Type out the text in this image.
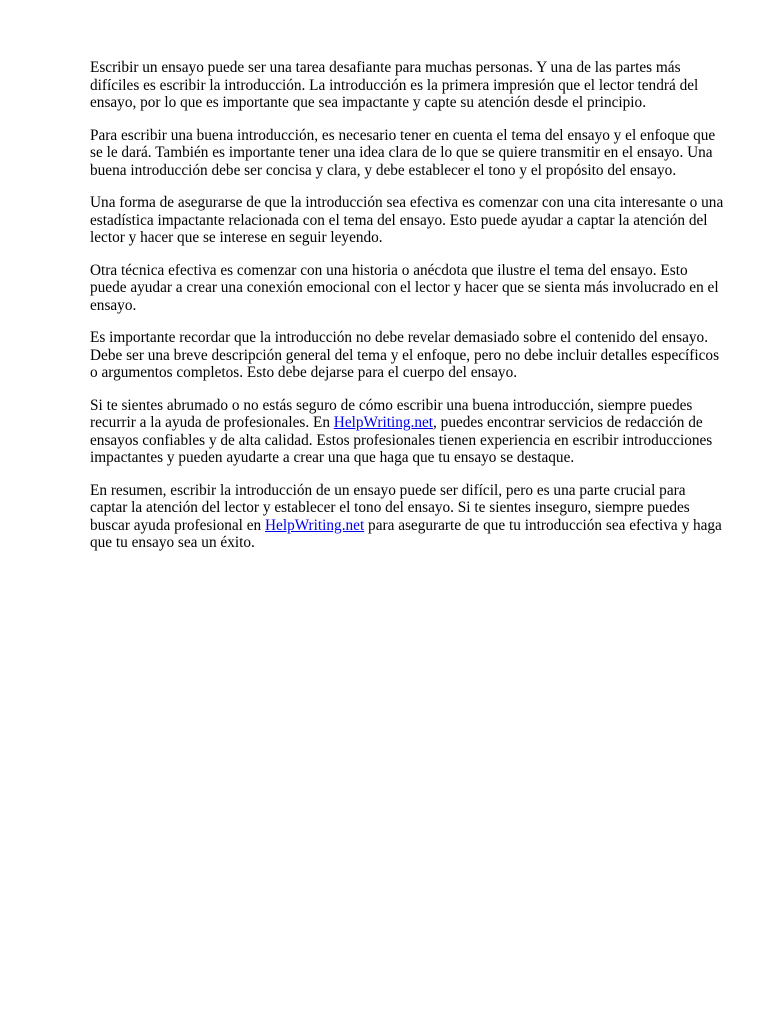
Escribir un ensayo puede ser una tarea desafiante para muchas personas. Y una de las partes más difíciles es escribir la introducción. La introducción es la primera impresión que el lector tendrá del ensayo, por lo que es importante que sea impactante y capte su atención desde el principio.

Para escribir una buena introducción, es necesario tener en cuenta el tema del ensayo y el enfoque que se le dará. También es importante tener una idea clara de lo que se quiere transmitir en el ensayo. Una buena introducción debe ser concisa y clara, y debe establecer el tono y el propósito del ensayo.

Una forma de asegurarse de que la introducción sea efectiva es comenzar con una cita interesante o una estadística impactante relacionada con el tema del ensayo. Esto puede ayudar a captar la atención del lector y hacer que se interese en seguir leyendo.

Otra técnica efectiva es comenzar con una historia o anécdota que ilustre el tema del ensayo. Esto puede ayudar a crear una conexión emocional con el lector y hacer que se sienta más involucrado en el ensayo.

Es importante recordar que la introducción no debe revelar demasiado sobre el contenido del ensayo. Debe ser una breve descripción general del tema y el enfoque, pero no debe incluir detalles específicos o argumentos completos. Esto debe dejarse para el cuerpo del ensayo.

Si te sientes abrumado o no estás seguro de cómo escribir una buena introducción, siempre puedes recurrir a la ayuda de profesionales. En HelpWriting.net, puedes encontrar servicios de redacción de ensayos confiables y de alta calidad. Estos profesionales tienen experiencia en escribir introducciones impactantes y pueden ayudarte a crear una que haga que tu ensayo se destaque.

En resumen, escribir la introducción de un ensayo puede ser difícil, pero es una parte crucial para captar la atención del lector y establecer el tono del ensayo. Si te sientes inseguro, siempre puedes buscar ayuda profesional en HelpWriting.net para asegurarte de que tu introducción sea efectiva y haga que tu ensayo sea un éxito.
